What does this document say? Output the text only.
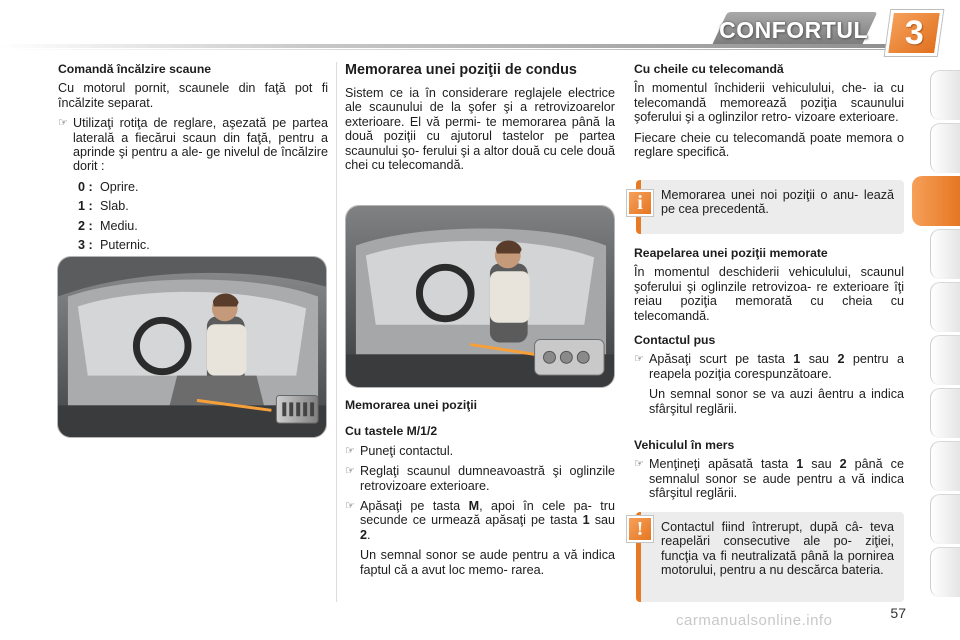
CONFORTUL 3
Comandă încălzire scaune

Cu motorul pornit, scaunele din faţă pot fi încălzite separat.

☞ Utilizaţi rotiţa de reglare, aşezată pe partea laterală a fiecărui scaun din faţă, pentru a aprinde şi pentru a ale- ge nivelul de încălzire dorit :
0 : Oprire.
1 : Slab.
2 : Mediu.
3 : Puternic.
Memorarea unei poziţii de condus

Sistem ce ia în considerare reglajele electrice ale scaunului de la şofer şi a retrovizoarelor exterioare. El vă permi- te memorarea până la două poziţii cu ajutorul tastelor pe partea scaunului şo- ferului şi a altor două cu cele două chei cu telecomandă.

Memorarea unei poziţii
Cu tastele M/1/2
☞ Puneţi contactul.
☞ Reglaţi scaunul dumneavoastră şi oglinzile retrovizoare exterioare.
☞ Apăsaţi pe tasta M, apoi în cele pa- tru secunde ce urmează apăsaţi pe tasta 1 sau 2.
Un semnal sonor se aude pentru a vă indica faptul că a avut loc memo- rarea.
Cu cheile cu telecomandă

În momentul închiderii vehiculului, che- ia cu telecomandă memorează poziţia scaunului şoferului şi a oglinzilor retro- vizoare exterioare.

Fiecare cheie cu telecomandă poate memora o reglare specifică.

i	Memorarea unei noi poziţii o anu- lează pe cea precedentă.
Reapelarea unei poziţii memorate

În momentul deschiderii vehiculului, scaunul şoferului şi oglinzile retrovizoa- re exterioare îţi reiau poziţia memorată cu cheia cu telecomandă.

Contactul pus
☞ Apăsaţi scurt pe tasta 1 sau 2 pentru a reapela poziţia corespunzătoare.
Un semnal sonor se va auzi âentru a indica sfârşitul reglării.
Vehiculul în mers
☞ Menţineţi apăsată tasta 1 sau 2 până ce semnalul sonor se aude pentru a vă indica sfârşitul reglării.
!	Contactul fiind întrerupt, după câ- teva reapelări consecutive ale po- ziţiei, funcţia va fi neutralizată până la pornirea motorului, pentru a nu descărca bateria.
57
carmanualsonline.info
